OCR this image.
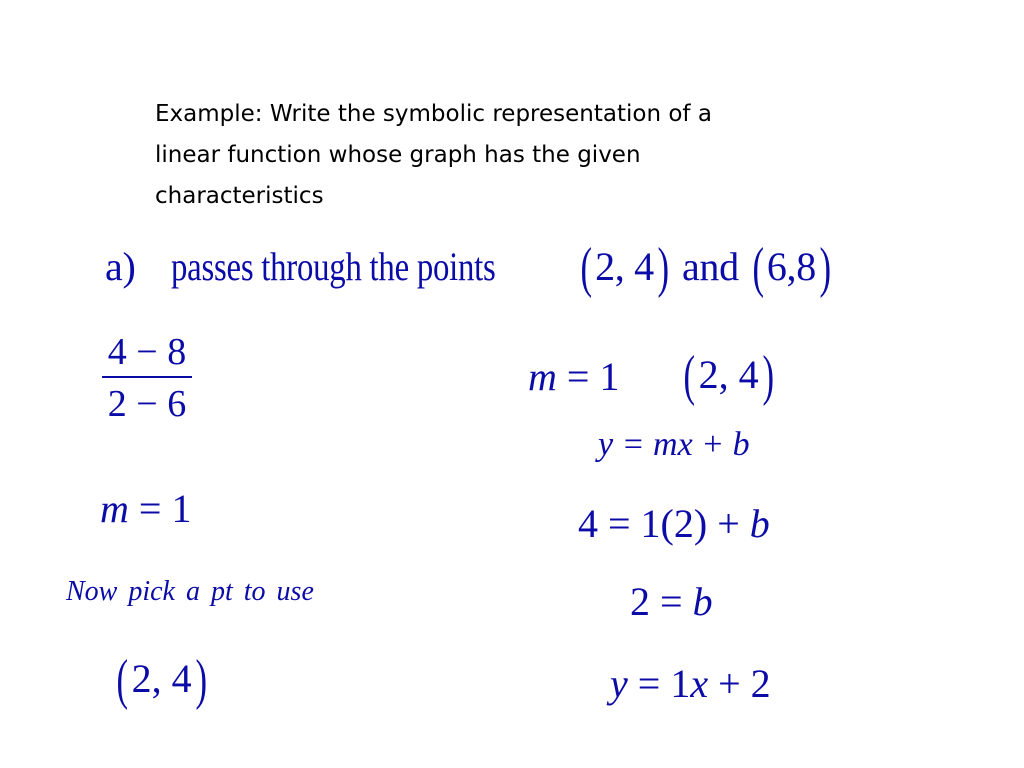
Example: Write the symbolic representation of a
linear function whose graph has the given
characteristics
a) passes through the points (2, 4) and (6,8)
4 − 8
2 − 6
m = 1
Now pick a pt to use
(2, 4)
m = 1 (2, 4)
y = mx + b
4 = 1(2) + b
2 = b
y = 1x + 2
